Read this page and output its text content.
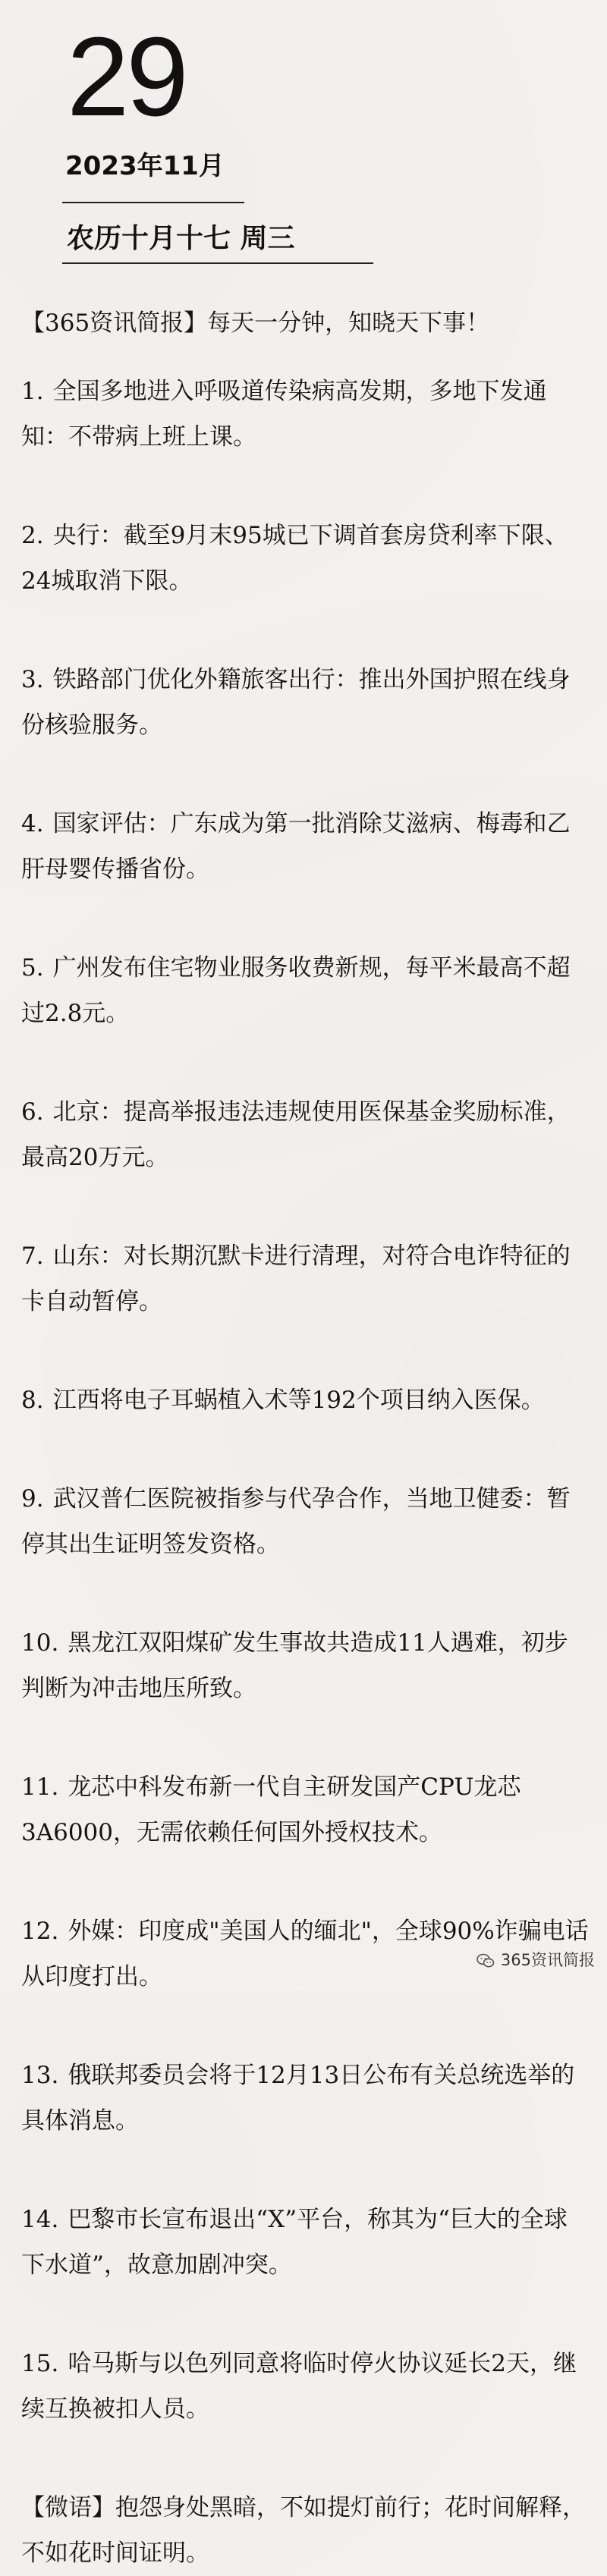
29
2023年11月
农历十月十七 周三

【365资讯简报】每天一分钟，知晓天下事！

1. 全国多地进入呼吸道传染病高发期，多地下发通知：不带病上班上课。

2. 央行：截至9月末95城已下调首套房贷利率下限、24城取消下限。

3. 铁路部门优化外籍旅客出行：推出外国护照在线身份核验服务。

4. 国家评估：广东成为第一批消除艾滋病、梅毒和乙肝母婴传播省份。

5. 广州发布住宅物业服务收费新规，每平米最高不超过2.8元。

6. 北京：提高举报违法违规使用医保基金奖励标准，最高20万元。

7. 山东：对长期沉默卡进行清理，对符合电诈特征的卡自动暂停。

8. 江西将电子耳蜗植入术等192个项目纳入医保。

9. 武汉普仁医院被指参与代孕合作，当地卫健委：暂停其出生证明签发资格。

10. 黑龙江双阳煤矿发生事故共造成11人遇难，初步判断为冲击地压所致。

11. 龙芯中科发布新一代自主研发国产CPU龙芯3A6000，无需依赖任何国外授权技术。

12. 外媒：印度成"美国人的缅北"，全球90%诈骗电话从印度打出。

13. 俄联邦委员会将于12月13日公布有关总统选举的具体消息。

14. 巴黎市长宣布退出“X”平台，称其为“巨大的全球下水道”，故意加剧冲突。

15. 哈马斯与以色列同意将临时停火协议延长2天，继续互换被扣人员。

【微语】抱怨身处黑暗，不如提灯前行；花时间解释，不如花时间证明。

365资讯简报
